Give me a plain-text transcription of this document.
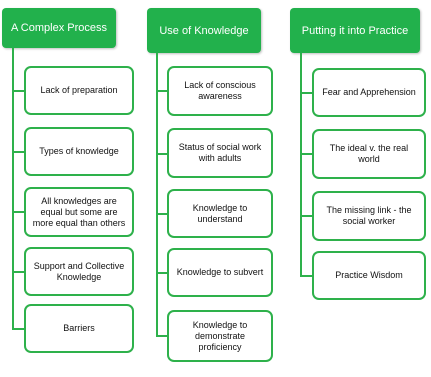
A Complex Process
Lack of preparation
Types of knowledge
All knowledges are equal but some are more equal than others
Support and Collective Knowledge
Barriers
Use of Knowledge
Lack of conscious awareness
Status of social work with adults
Knowledge to understand
Knowledge to subvert
Knowledge to demonstrate proficiency
Putting it into Practice
Fear and Apprehension
The ideal v. the real world
The missing link - the social worker
Practice Wisdom
